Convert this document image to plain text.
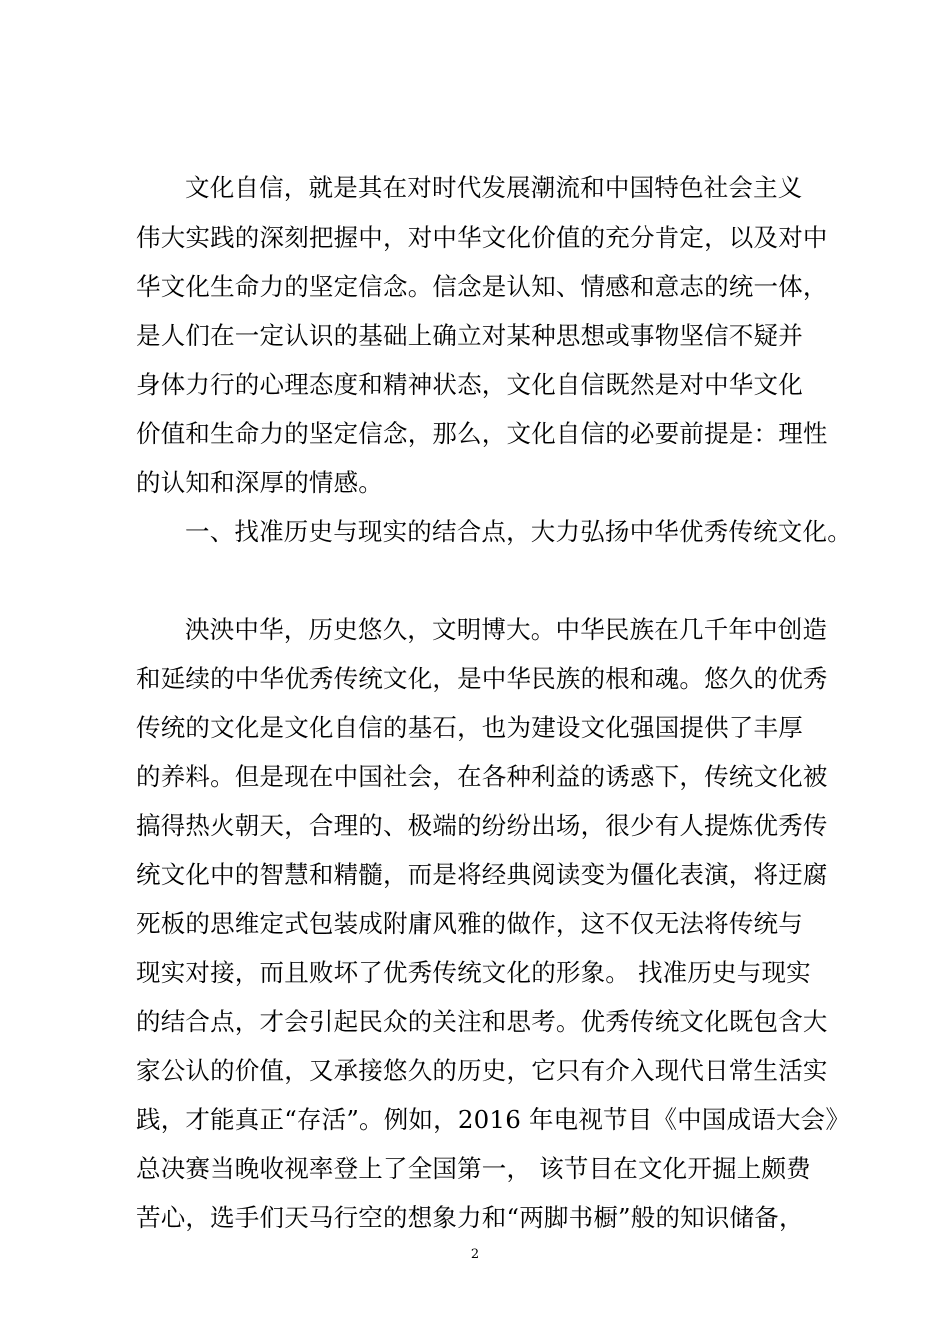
文化自信，就是其在对时代发展潮流和中国特色社会主义
伟大实践的深刻把握中，对中华文化价值的充分肯定，以及对中
华文化生命力的坚定信念。信念是认知、情感和意志的统一体，
是人们在一定认识的基础上确立对某种思想或事物坚信不疑并
身体力行的心理态度和精神状态，文化自信既然是对中华文化
价值和生命力的坚定信念，那么，文化自信的必要前提是：理性
的认知和深厚的情感。
一、找准历史与现实的结合点，大力弘扬中华优秀传统文化。
泱泱中华，历史悠久，文明博大。中华民族在几千年中创造
和延续的中华优秀传统文化，是中华民族的根和魂。悠久的优秀
传统的文化是文化自信的基石，也为建设文化强国提供了丰厚
的养料。但是现在中国社会，在各种利益的诱惑下，传统文化被
搞得热火朝天，合理的、极端的纷纷出场，很少有人提炼优秀传
统文化中的智慧和精髓，而是将经典阅读变为僵化表演，将迂腐
死板的思维定式包装成附庸风雅的做作，这不仅无法将传统与
现实对接，而且败坏了优秀传统文化的形象。 找准历史与现实
的结合点，才会引起民众的关注和思考。优秀传统文化既包含大
家公认的价值，又承接悠久的历史，它只有介入现代日常生活实
践，才能真正“存活”。例如，2016 年电视节目《中国成语大会》
总决赛当晚收视率登上了全国第一， 该节目在文化开掘上颇费
苦心，选手们天马行空的想象力和“两脚书橱”般的知识储备，
2
